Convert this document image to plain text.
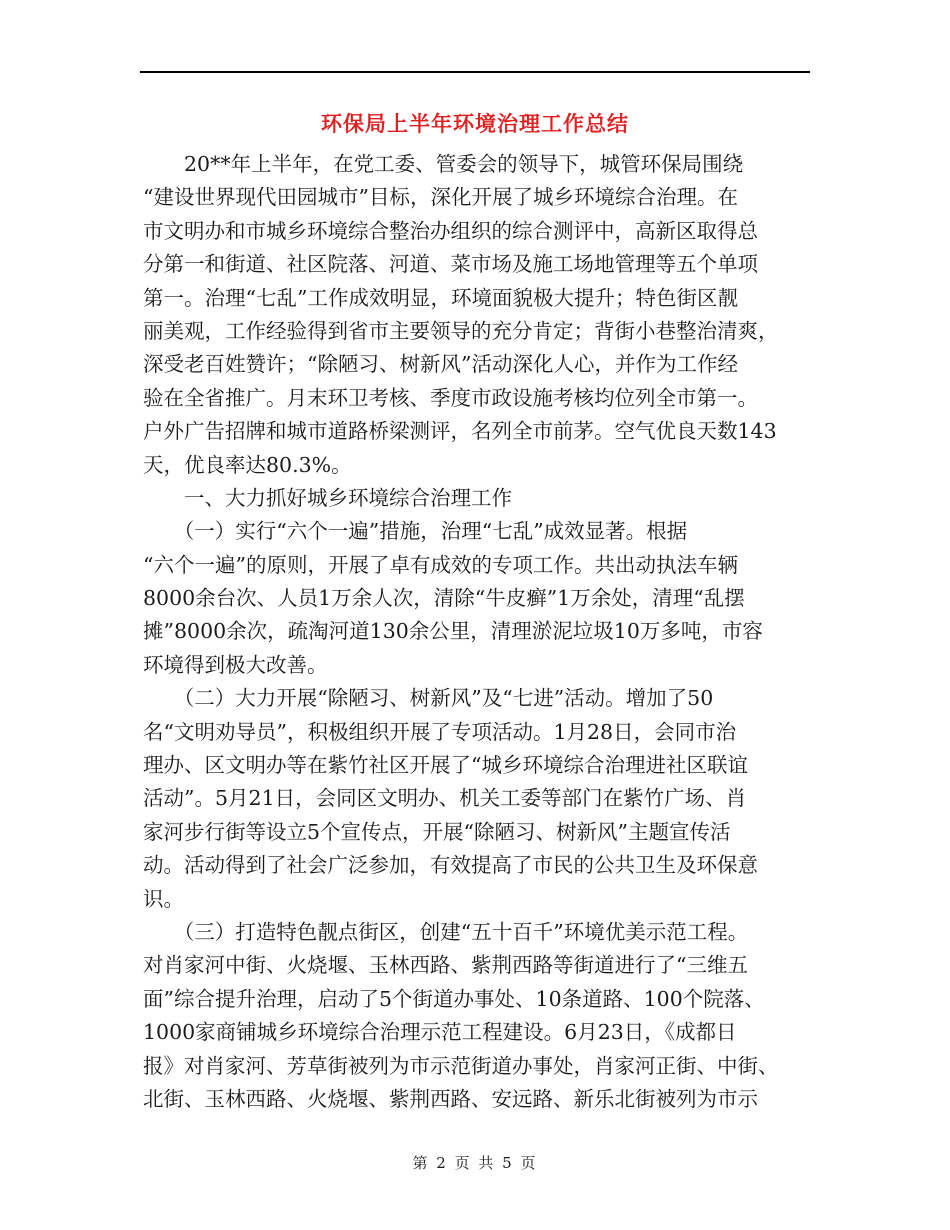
环保局上半年环境治理工作总结
　　20**年上半年，在党工委、管委会的领导下，城管环保局围绕
“建设世界现代田园城市”目标，深化开展了城乡环境综合治理。在
市文明办和市城乡环境综合整治办组织的综合测评中，高新区取得总
分第一和街道、社区院落、河道、菜市场及施工场地管理等五个单项
第一。治理“七乱”工作成效明显，环境面貌极大提升；特色街区靓
丽美观，工作经验得到省市主要领导的充分肯定；背街小巷整治清爽，
深受老百姓赞许；“除陋习、树新风”活动深化人心，并作为工作经
验在全省推广。月末环卫考核、季度市政设施考核均位列全市第一。
户外广告招牌和城市道路桥梁测评，名列全市前茅。空气优良天数143
天，优良率达80.3%。
　　一、大力抓好城乡环境综合治理工作
　　（一）实行“六个一遍”措施，治理“七乱”成效显著。根据
“六个一遍”的原则，开展了卓有成效的专项工作。共出动执法车辆
8000余台次、人员1万余人次，清除“牛皮癣”1万余处，清理“乱摆
摊”8000余次，疏淘河道130余公里，清理淤泥垃圾10万多吨，市容
环境得到极大改善。
　　（二）大力开展“除陋习、树新风”及“七进”活动。增加了50
名“文明劝导员”，积极组织开展了专项活动。1月28日，会同市治
理办、区文明办等在紫竹社区开展了“城乡环境综合治理进社区联谊
活动”。5月21日，会同区文明办、机关工委等部门在紫竹广场、肖
家河步行街等设立5个宣传点，开展“除陋习、树新风”主题宣传活
动。活动得到了社会广泛参加，有效提高了市民的公共卫生及环保意
识。
　　（三）打造特色靓点街区，创建“五十百千”环境优美示范工程。
对肖家河中街、火烧堰、玉林西路、紫荆西路等街道进行了“三维五
面”综合提升治理，启动了5个街道办事处、10条道路、100个院落、
1000家商铺城乡环境综合治理示范工程建设。6月23日，《成都日
报》对肖家河、芳草街被列为市示范街道办事处，肖家河正街、中街、
北街、玉林西路、火烧堰、紫荆西路、安远路、新乐北街被列为市示
第 2 页 共 5 页
